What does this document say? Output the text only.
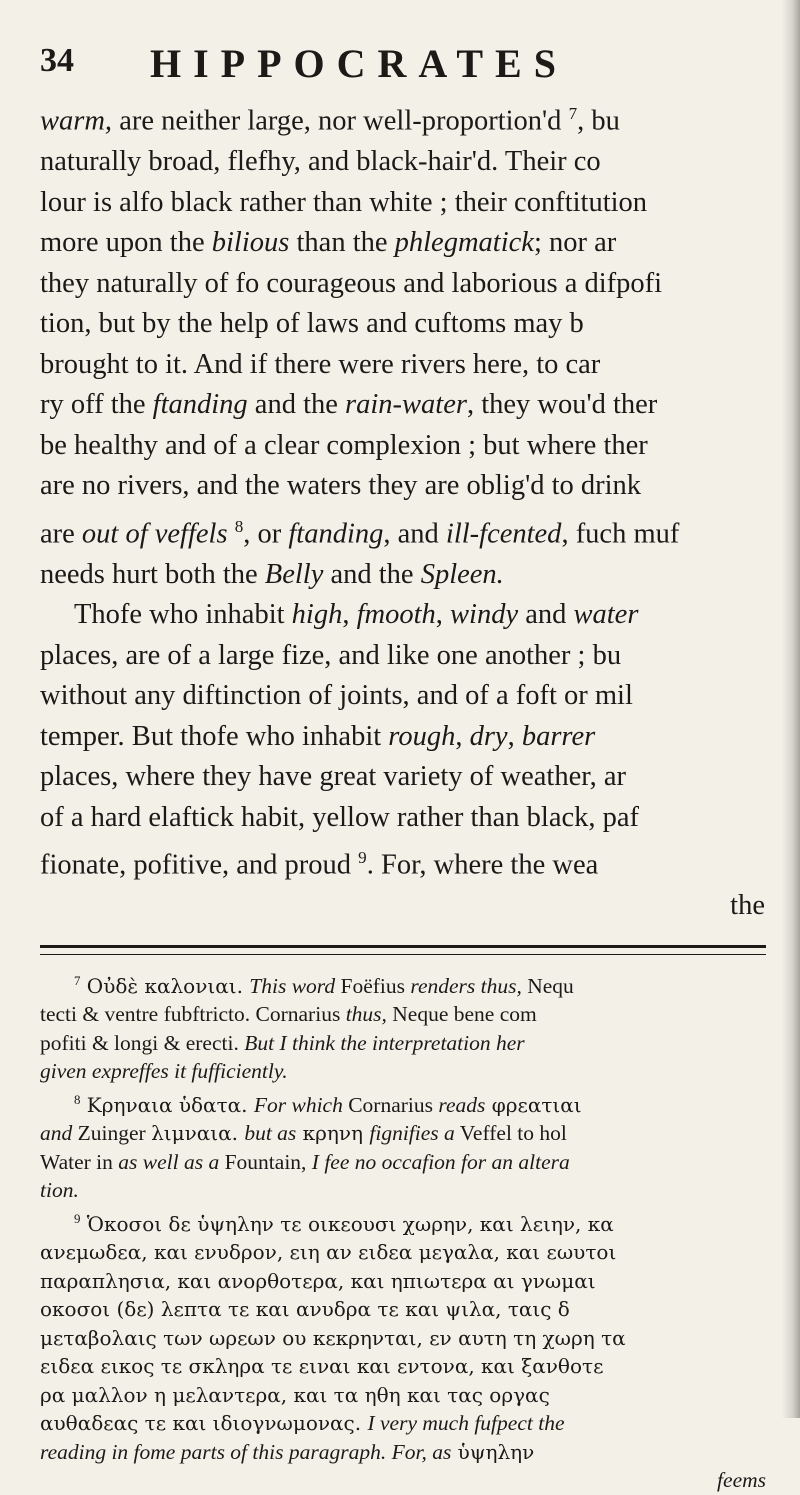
34 HIPPOCRATES
warm, are neither large, nor well-proportion'd $^7$, bu
naturally broad, flefhy, and black-hair'd. Their co
lour is alfo black rather than white ; their conftitution
more upon the bilious than the phlegmatick; nor ar
they naturally of fo courageous and laborious a difpofi
tion, but by the help of laws and cuftoms may b
brought to it. And if there were rivers here, to car
ry off the ftanding and the rain-water, they wou'd ther
be healthy and of a clear complexion ; but where ther
are no rivers, and the waters they are oblig'd to drink
are out of veffels $^8$, or ftanding, and ill-fcented, fuch muf
needs hurt both the Belly and the Spleen.
Thofe who inhabit high, fmooth, windy and water
places, are of a large fize, and like one another ; bu
without any diftinction of joints, and of a foft or mil
temper. But thofe who inhabit rough, dry, barrer
places, where they have great variety of weather, ar
of a hard elaftick habit, yellow rather than black, paf
fionate, pofitive, and proud $^9$. For, where the wea
the
$^7$ Οὐδὲ καλονιαι. This word Foëfius renders thus, Nequ
tecti & ventre fubftricto. Cornarius thus, Neque bene com
pofiti & longi & erecti. But I think the interpretation her
given expreffes it fufficiently.
$^8$ Κρηναια ὑδατα. For which Cornarius reads φρεατιαι
and Zuinger λιμναια. but as κρηνη fignifies a Veffel to hol
Water in as well as a Fountain, I fee no occafion for an altera
tion.
$^9$ Ὁκοσοι δε ὑψηλην τε οικεουσι χωρην, και λειην, κα
ανεμωδεα, και ενυδρον, ειη αν ειδεα μεγαλα, και εωυτοι
παραπλησια, και ανορθοτερα, και ηπιωτερα αι γνωμαι
οκοσοι (δε) λεπτα τε και ανυδρα τε και ψιλα, ταις δ
μεταβολαις των ωρεων ου κεκρηνται, εν αυτη τη χωρη τα
ειδεα εικος τε σκληρα τε ειναι και εντονα, και ξανθοτε
ρα μαλλον η μελαντερα, και τα ηθη και τας οργας
αυθαδεας τε και ιδιογνωμονας. I very much fufpect the
reading in fome parts of this paragraph. For, as ὑψηλην
feems
